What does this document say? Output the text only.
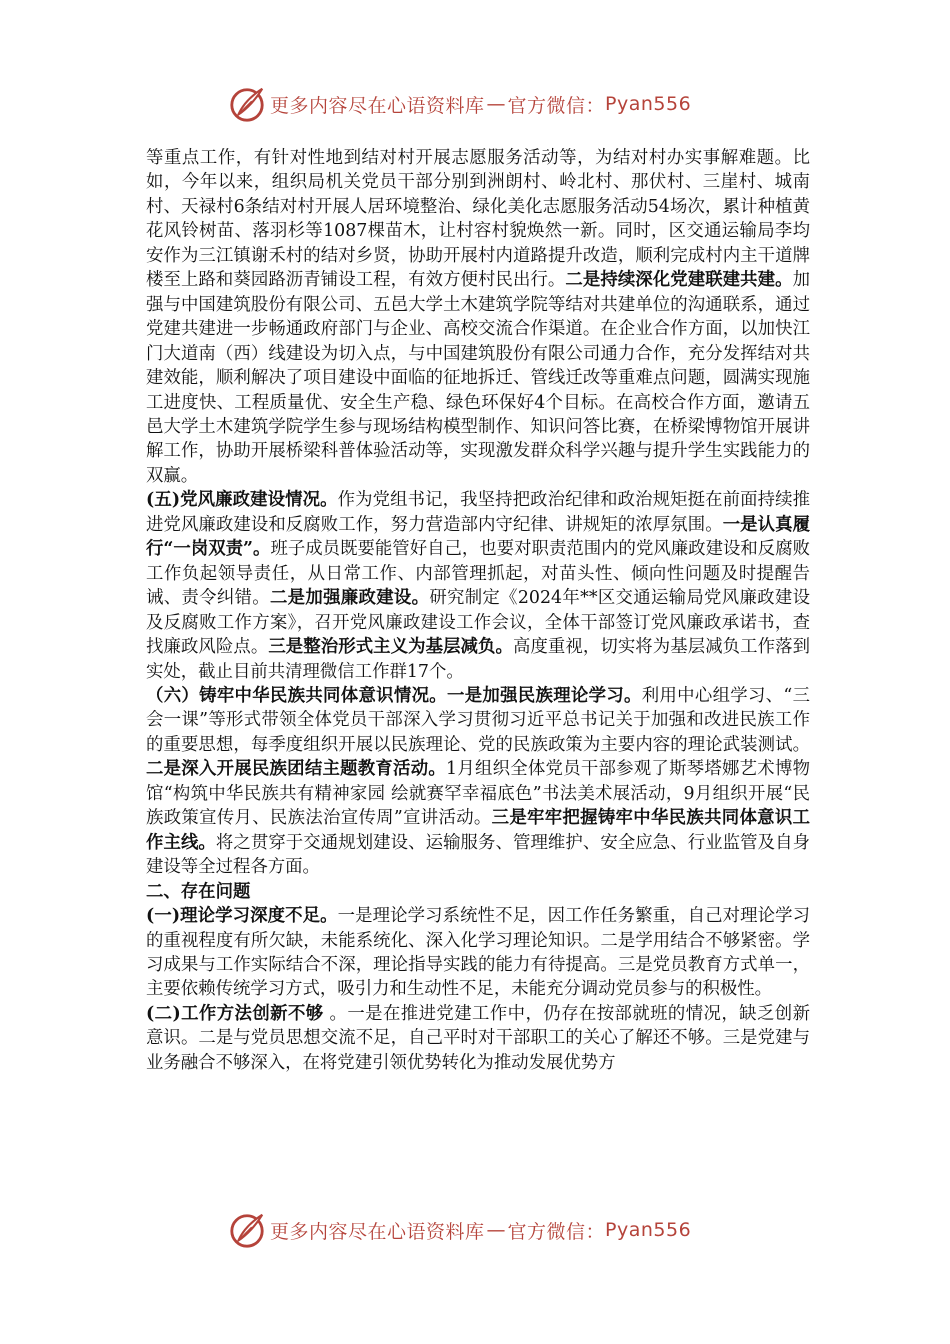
更多内容尽在心语资料库 — 官方微信： Pyan556

等重点工作，有针对性地到结对村开展志愿服务活动等，为结对村办实事解难题。比如，今年以来，组织局机关党员干部分别到洲朗村、岭北村、那伏村、三崖村、城南村、天禄村6条结对村开展人居环境整治、绿化美化志愿服务活动54场次，累计种植黄花风铃树苗、落羽杉等1087棵苗木，让村容村貌焕然一新。同时，区交通运输局李均安作为三江镇谢禾村的结对乡贤，协助开展村内道路提升改造，顺利完成村内主干道牌楼至上路和葵园路沥青铺设工程，有效方便村民出行。二是持续深化党建联建共建。加强与中国建筑股份有限公司、五邑大学土木建筑学院等结对共建单位的沟通联系，通过党建共建进一步畅通政府部门与企业、高校交流合作渠道。在企业合作方面，以加快江门大道南（西）线建设为切入点，与中国建筑股份有限公司通力合作，充分发挥结对共建效能，顺利解决了项目建设中面临的征地拆迁、管线迁改等重难点问题，圆满实现施工进度快、工程质量优、安全生产稳、绿色环保好4个目标。在高校合作方面，邀请五邑大学土木建筑学院学生参与现场结构模型制作、知识问答比赛，在桥梁博物馆开展讲解工作，协助开展桥梁科普体验活动等，实现激发群众科学兴趣与提升学生实践能力的双赢。

(五)党风廉政建设情况。作为党组书记，我坚持把政治纪律和政治规矩挺在前面持续推进党风廉政建设和反腐败工作，努力营造部内守纪律、讲规矩的浓厚氛围。一是认真履行“一岗双责”。班子成员既要能管好自己，也要对职责范围内的党风廉政建设和反腐败工作负起领导责任，从日常工作、内部管理抓起，对苗头性、倾向性问题及时提醒告诫、责令纠错。二是加强廉政建设。研究制定《2024年**区交通运输局党风廉政建设及反腐败工作方案》，召开党风廉政建设工作会议，全体干部签订党风廉政承诺书，查找廉政风险点。三是整治形式主义为基层减负。高度重视，切实将为基层减负工作落到实处，截止目前共清理微信工作群17个。

（六）铸牢中华民族共同体意识情况。一是加强民族理论学习。利用中心组学习、“三会一课”等形式带领全体党员干部深入学习贯彻习近平总书记关于加强和改进民族工作的重要思想，每季度组织开展以民族理论、党的民族政策为主要内容的理论武装测试。二是深入开展民族团结主题教育活动。1月组织全体党员干部参观了斯琴塔娜艺术博物馆“构筑中华民族共有精神家园 绘就赛罕幸福底色”书法美术展活动，9月组织开展“民族政策宣传月、民族法治宣传周”宣讲活动。三是牢牢把握铸牢中华民族共同体意识工作主线。将之贯穿于交通规划建设、运输服务、管理维护、安全应急、行业监管及自身建设等全过程各方面。

二、存在问题

(一)理论学习深度不足。一是理论学习系统性不足，因工作任务繁重，自己对理论学习的重视程度有所欠缺，未能系统化、深入化学习理论知识。二是学用结合不够紧密。学习成果与工作实际结合不深，理论指导实践的能力有待提高。三是党员教育方式单一，主要依赖传统学习方式，吸引力和生动性不足，未能充分调动党员参与的积极性。

(二)工作方法创新不够 。一是在推进党建工作中，仍存在按部就班的情况，缺乏创新意识。二是与党员思想交流不足，自己平时对干部职工的关心了解还不够。三是党建与业务融合不够深入，在将党建引领优势转化为推动发展优势方

更多内容尽在心语资料库 — 官方微信： Pyan556
